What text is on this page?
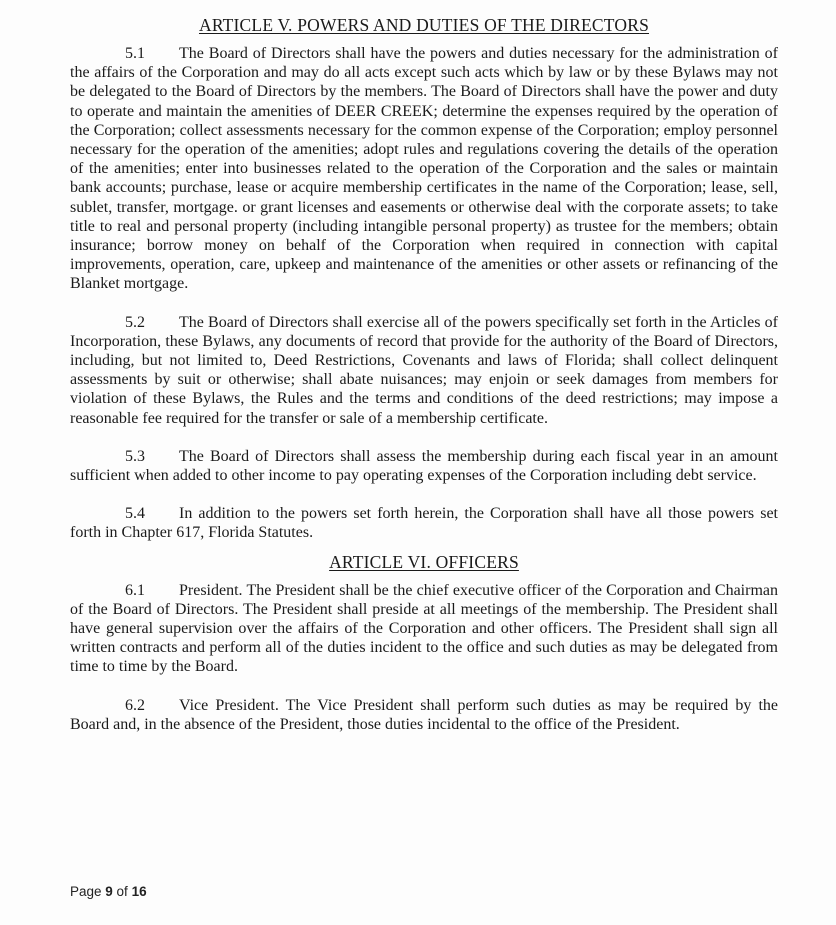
ARTICLE V. POWERS AND DUTIES OF THE DIRECTORS

5.1 The Board of Directors shall have the powers and duties necessary for the administration of the affairs of the Corporation and may do all acts except such acts which by law or by these Bylaws may not be delegated to the Board of Directors by the members. The Board of Directors shall have the power and duty to operate and maintain the amenities of DEER CREEK; determine the expenses required by the operation of the Corporation; collect assessments necessary for the common expense of the Corporation; employ personnel necessary for the operation of the amenities; adopt rules and regulations covering the details of the operation of the amenities; enter into businesses related to the operation of the Corporation and the sales or maintain bank accounts; purchase, lease or acquire membership certificates in the name of the Corporation; lease, sell, sublet, transfer, mortgage. or grant licenses and easements or otherwise deal with the corporate assets; to take title to real and personal property (including intangible personal property) as trustee for the members; obtain insurance; borrow money on behalf of the Corporation when required in connection with capital improvements, operation, care, upkeep and maintenance of the amenities or other assets or refinancing of the Blanket mortgage.

5.2 The Board of Directors shall exercise all of the powers specifically set forth in the Articles of Incorporation, these Bylaws, any documents of record that provide for the authority of the Board of Directors, including, but not limited to, Deed Restrictions, Covenants and laws of Florida; shall collect delinquent assessments by suit or otherwise; shall abate nuisances; may enjoin or seek damages from members for violation of these Bylaws, the Rules and the terms and conditions of the deed restrictions; may impose a reasonable fee required for the transfer or sale of a membership certificate.

5.3 The Board of Directors shall assess the membership during each fiscal year in an amount sufficient when added to other income to pay operating expenses of the Corporation including debt service.

5.4 In addition to the powers set forth herein, the Corporation shall have all those powers set forth in Chapter 617, Florida Statutes.

ARTICLE VI. OFFICERS

6.1 President. The President shall be the chief executive officer of the Corporation and Chairman of the Board of Directors. The President shall preside at all meetings of the membership. The President shall have general supervision over the affairs of the Corporation and other officers. The President shall sign all written contracts and perform all of the duties incident to the office and such duties as may be delegated from time to time by the Board.

6.2 Vice President. The Vice President shall perform such duties as may be required by the Board and, in the absence of the President, those duties incidental to the office of the President.

Page 9 of 16
